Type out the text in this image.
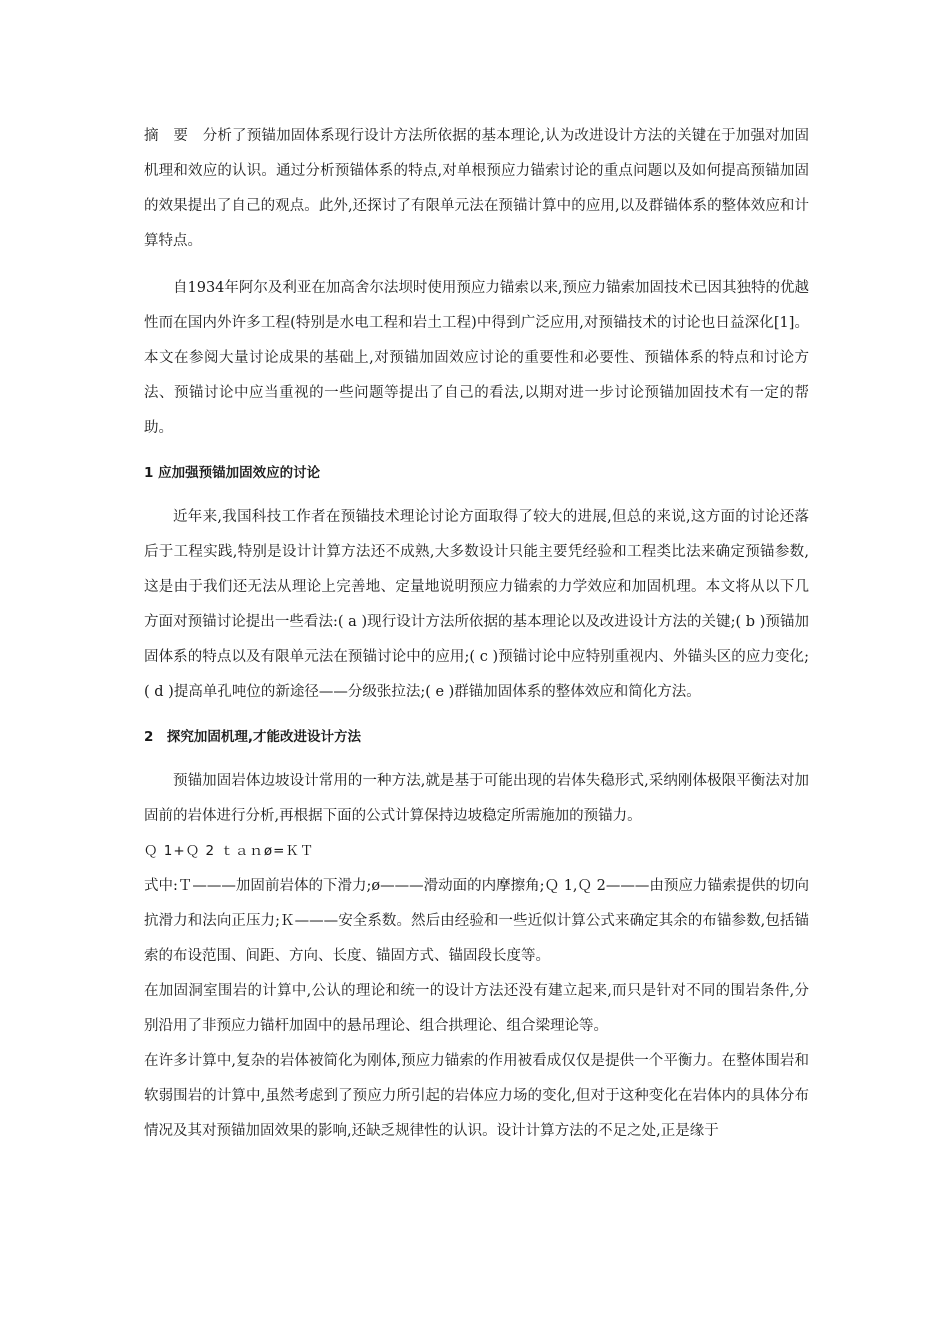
摘　要　分析了预锚加固体系现行设计方法所依据的基本理论,认为改进设计方法的关键在于加强对加固机理和效应的认识。通过分析预锚体系的特点,对单根预应力锚索讨论的重点问题以及如何提高预锚加固的效果提出了自己的观点。此外,还探讨了有限单元法在预锚计算中的应用,以及群锚体系的整体效应和计算特点。

自1934年阿尔及利亚在加高舍尔法坝时使用预应力锚索以来,预应力锚索加固技术已因其独特的优越性而在国内外许多工程(特别是水电工程和岩土工程)中得到广泛应用,对预锚技术的讨论也日益深化[1]。本文在参阅大量讨论成果的基础上,对预锚加固效应讨论的重要性和必要性、预锚体系的特点和讨论方法、预锚讨论中应当重视的一些问题等提出了自己的看法,以期对进一步讨论预锚加固技术有一定的帮助。

1 应加强预锚加固效应的讨论

近年来,我国科技工作者在预锚技术理论讨论方面取得了较大的进展,但总的来说,这方面的讨论还落后于工程实践,特别是设计计算方法还不成熟,大多数设计只能主要凭经验和工程类比法来确定预锚参数,这是由于我们还无法从理论上完善地、定量地说明预应力锚索的力学效应和加固机理。本文将从以下几方面对预锚讨论提出一些看法:( a )现行设计方法所依据的基本理论以及改进设计方法的关键;( b )预锚加固体系的特点以及有限单元法在预锚讨论中的应用;( c )预锚讨论中应特别重视内、外锚头区的应力变化;( d )提高单孔吨位的新途径——分级张拉法;( e )群锚加固体系的整体效应和简化方法。

2　探究加固机理,才能改进设计方法

预锚加固岩体边坡设计常用的一种方法,就是基于可能出现的岩体失稳形式,采纳刚体极限平衡法对加固前的岩体进行分析,再根据下面的公式计算保持边坡稳定所需施加的预锚力。

Ｑ 1+Ｑ 2 ｔａｎø=ＫＴ

式中:Ｔ———加固前岩体的下滑力;ø———滑动面的内摩擦角;Ｑ 1,Ｑ 2———由预应力锚索提供的切向抗滑力和法向正压力;Ｋ———安全系数。然后由经验和一些近似计算公式来确定其余的布锚参数,包括锚索的布设范围、间距、方向、长度、锚固方式、锚固段长度等。

在加固洞室围岩的计算中,公认的理论和统一的设计方法还没有建立起来,而只是针对不同的围岩条件,分别沿用了非预应力锚杆加固中的悬吊理论、组合拱理论、组合梁理论等。

在许多计算中,复杂的岩体被简化为刚体,预应力锚索的作用被看成仅仅是提供一个平衡力。在整体围岩和软弱围岩的计算中,虽然考虑到了预应力所引起的岩体应力场的变化,但对于这种变化在岩体内的具体分布情况及其对预锚加固效果的影响,还缺乏规律性的认识。设计计算方法的不足之处,正是缘于
